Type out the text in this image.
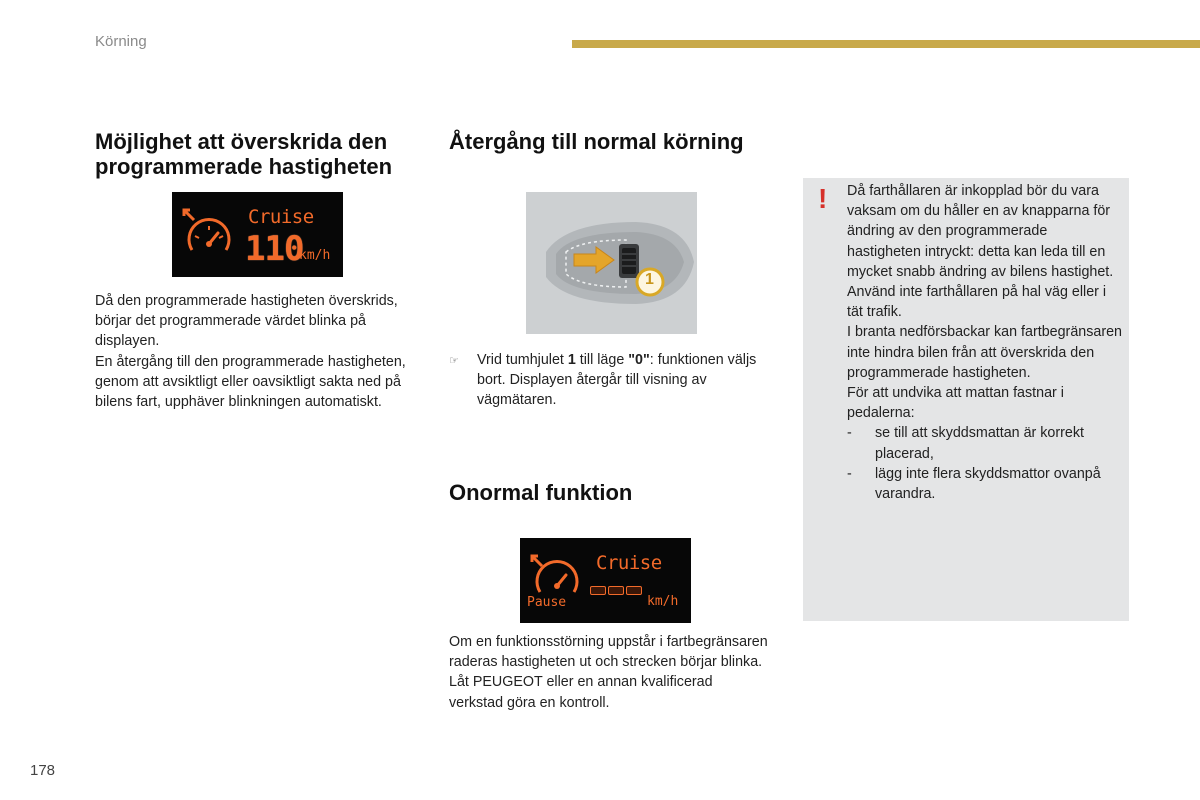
Körning
Möjlighet att överskrida den
programmerade hastigheten
Cruise
110
km/h

Då den programmerade hastigheten överskrids, börjar det programmerade värdet blinka på displayen.

En återgång till den programmerade hastigheten, genom att avsiktligt eller oavsiktligt sakta ned på bilens fart, upphäver blinkningen automatiskt.

Återgång till normal körning
1
☞ Vrid tumhjulet 1 till läge "0": funktionen väljs bort. Displayen återgår till visning av vägmätaren.
Onormal funktion
Cruise
Pause	km/h

Om en funktionsstörning uppstår i fartbegränsaren raderas hastigheten ut och strecken börjar blinka.

Låt PEUGEOT eller en annan kvalificerad verkstad göra en kontroll.

! Då farthållaren är inkopplad bör du vara vaksam om du håller en av knapparna för ändring av den programmerade hastigheten intryckt: detta kan leda till en mycket snabb ändring av bilens hastighet.

Använd inte farthållaren på hal väg eller i tät trafik.

I branta nedförsbackar kan fartbegränsaren inte hindra bilen från att överskrida den programmerade hastigheten.

För att undvika att mattan fastnar i pedalerna:

- se till att skyddsmattan är korrekt placerad,
- lägg inte flera skyddsmattor ovanpå varandra.
178
